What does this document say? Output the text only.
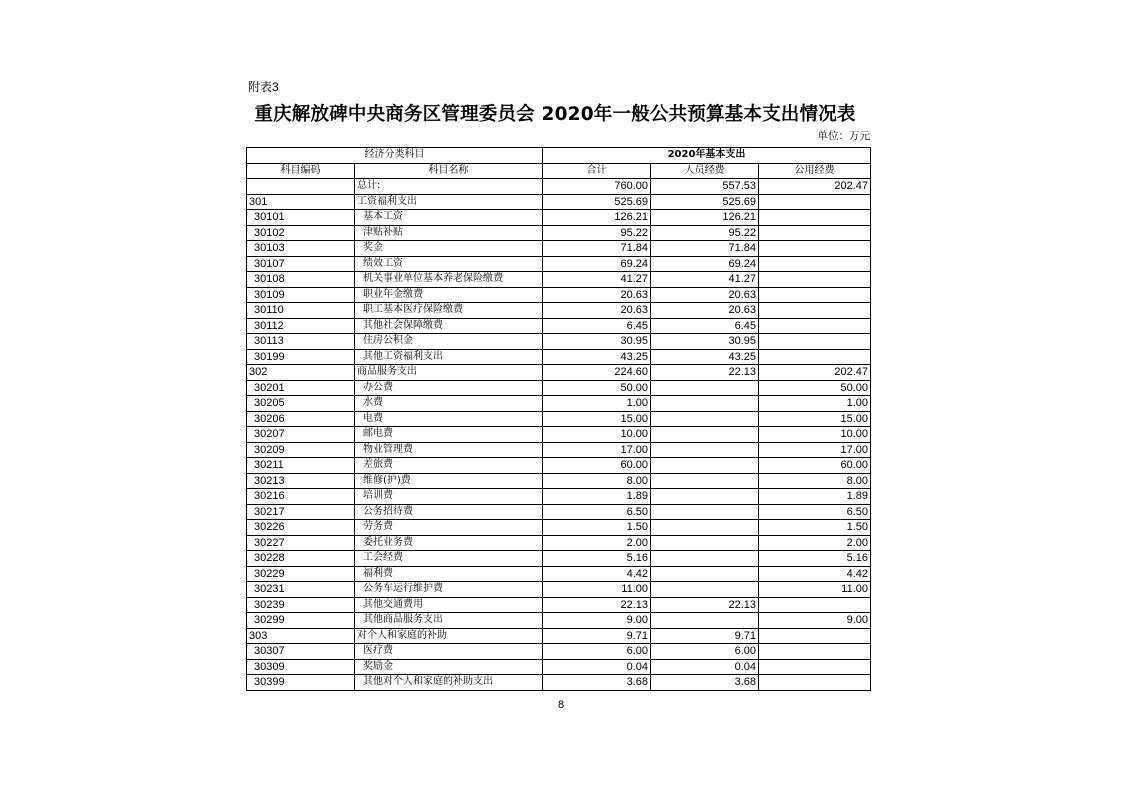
附表3
重庆解放碑中央商务区管理委员会 2020年一般公共预算基本支出情况表
单位：万元
经济分类科目		2020年基本支出		
科目编码	科目名称	合计	人员经费	公用经费
	总计:	760.00	557.53	202.47
301	工资福利支出	525.69	525.69	
30101	基本工资	126.21	126.21	
30102	津贴补贴	95.22	95.22	
30103	奖金	71.84	71.84	
30107	绩效工资	69.24	69.24	
30108	机关事业单位基本养老保险缴费	41.27	41.27	
30109	职业年金缴费	20.63	20.63	
30110	职工基本医疗保险缴费	20.63	20.63	
30112	其他社会保障缴费	6.45	6.45	
30113	住房公积金	30.95	30.95	
30199	其他工资福利支出	43.25	43.25	
302	商品服务支出	224.60	22.13	202.47
30201	办公费	50.00		50.00
30205	水费	1.00		1.00
30206	电费	15.00		15.00
30207	邮电费	10.00		10.00
30209	物业管理费	17.00		17.00
30211	差旅费	60.00		60.00
30213	维修(护)费	8.00		8.00
30216	培训费	1.89		1.89
30217	公务招待费	6.50		6.50
30226	劳务费	1.50		1.50
30227	委托业务费	2.00		2.00
30228	工会经费	5.16		5.16
30229	福利费	4.42		4.42
30231	公务车运行维护费	11.00		11.00
30239	其他交通费用	22.13	22.13	
30299	其他商品服务支出	9.00		9.00
303	对个人和家庭的补助	9.71	9.71	
30307	医疗费	6.00	6.00	
30309	奖励金	0.04	0.04	
30399	其他对个人和家庭的补助支出	3.68	3.68	
8
